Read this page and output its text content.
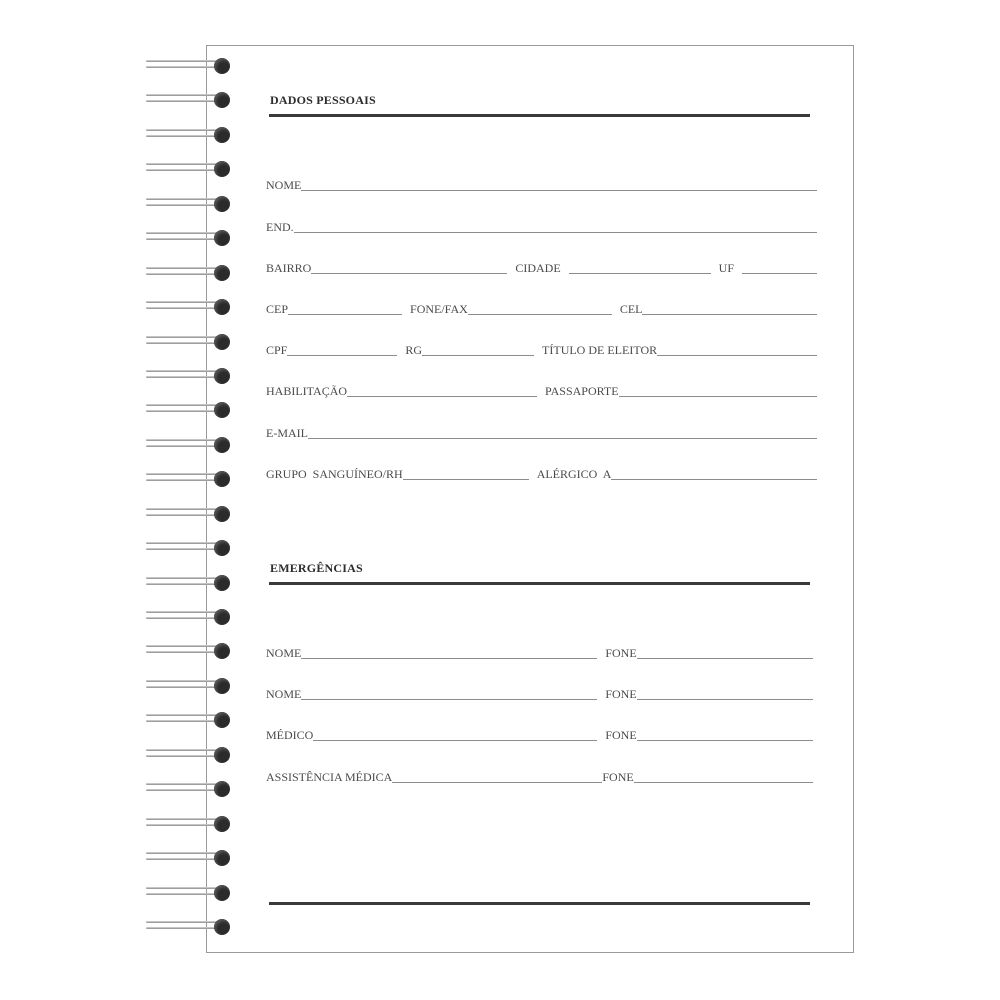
DADOS PESSOAIS
NOME
END.
BAIRRO	CIDADE	UF
CEP	FONE/FAX	CEL
CPF	RG	TÍTULO DE ELEITOR
HABILITAÇÃO	PASSAPORTE
E-MAIL
GRUPO  SANGUÍNEO/RH	ALÉRGICO  A
EMERGÊNCIAS
NOME	FONE
NOME	FONE
MÉDICO	FONE
ASSISTÊNCIA MÉDICA	FONE
